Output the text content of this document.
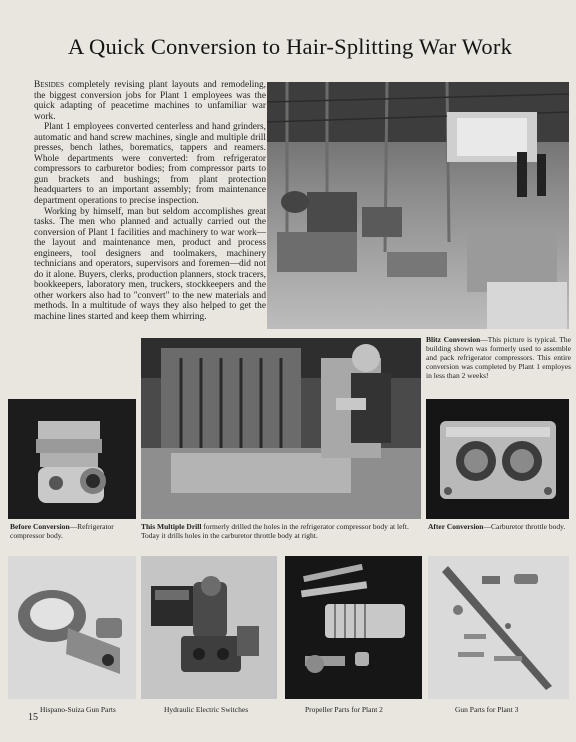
A Quick Conversion to Hair-Splitting War Work

Besides completely revising plant layouts and remodeling, the biggest conversion jobs for Plant 1 employees was the quick adapting of peacetime machines to unfamiliar war work.

Plant 1 employees converted centerless and hand grinders, automatic and hand screw machines, single and multiple drill presses, bench lathes, borematics, tappers and reamers. Whole departments were converted: from refrigerator compressors to carburetor bodies; from compressor parts to gun brackets and bushings; from plant protection headquarters to an important assembly; from maintenance department operations to precise inspection.

Working by himself, man but seldom accomplishes great tasks. The men who planned and actually carried out the conversion of Plant 1 facilities and machinery to war work—the layout and maintenance men, product and process engineers, tool designers and toolmakers, machinery technicians and operators, supervisors and foremen—did not do it alone. Buyers, clerks, production planners, stock tracers, bookkeepers, laboratory men, truckers, stockkeepers and the other workers also had to "convert" to the new materials and methods. In a multitude of ways they also helped to get the machine lines started and keep them whirring.

Blitz Conversion—This picture is typical. The building shown was formerly used to assemble and pack refrigerator compressors. This entire conversion was completed by Plant 1 employes in less than 2 weeks!
Before Conversion—Refrigerator compressor body.
This Multiple Drill formerly drilled the holes in the refrigerator compressor body at left. Today it drills holes in the carburetor throttle body at right.
After Conversion—Carburetor throttle body.
Hispano-Suiza Gun Parts	Hydraulic Electric Switches	Propeller Parts for Plant 2	Gun Parts for Plant 3
15
